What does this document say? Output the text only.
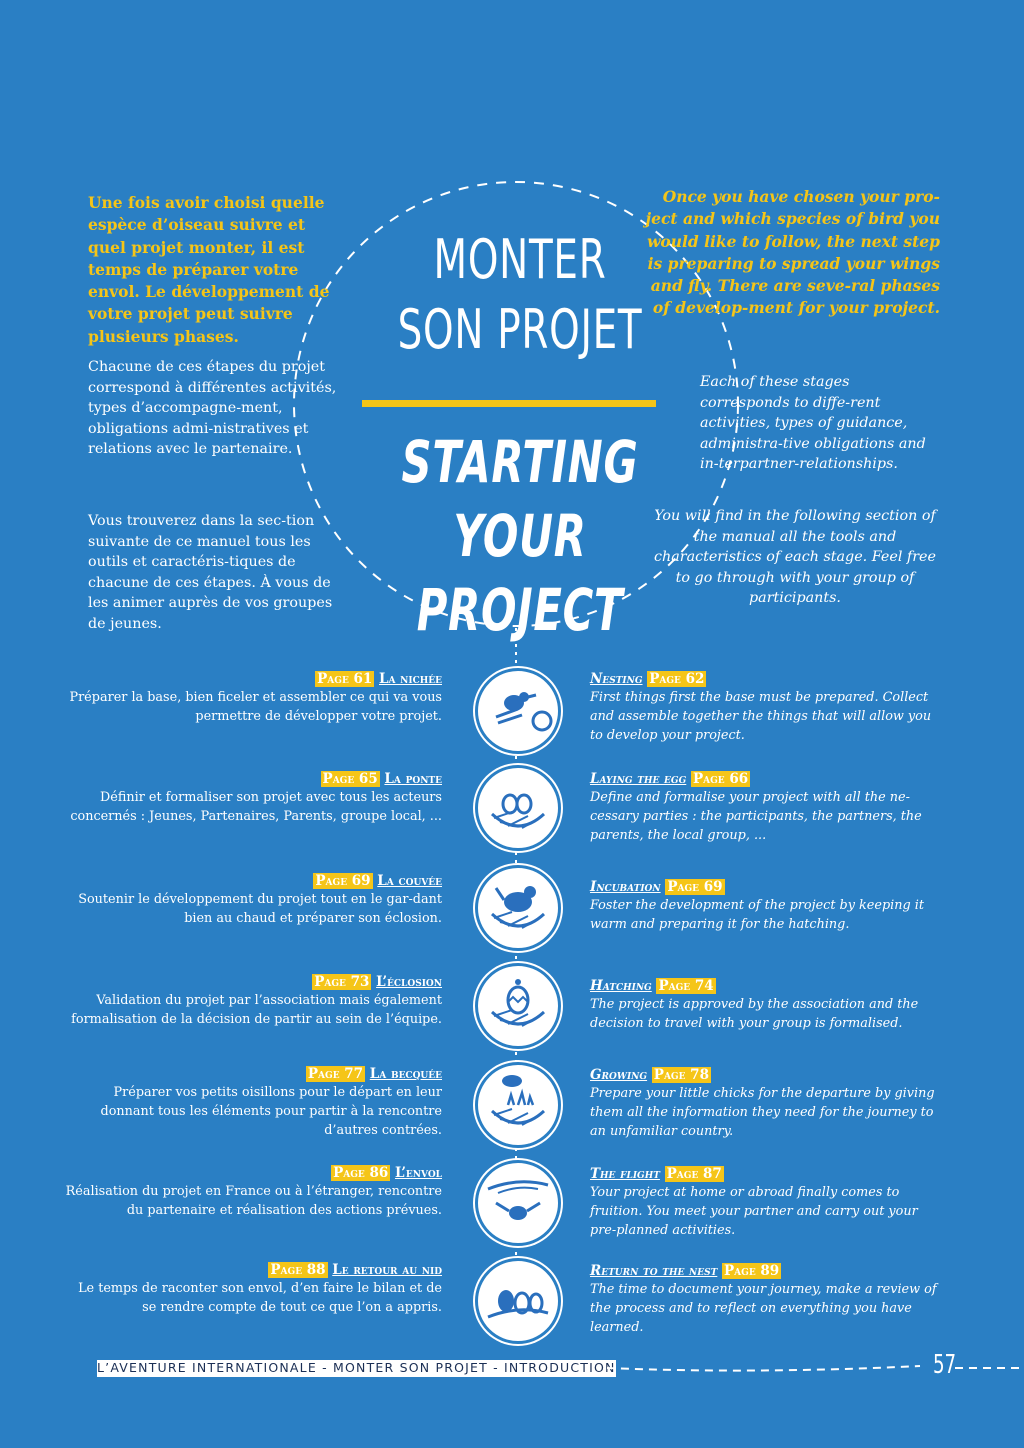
MONTER
SON PROJET
STARTING YOUR
PROJECT
Une fois avoir choisi quelle espèce d’oiseau suivre et quel projet monter, il est temps de préparer votre envol. Le développement de votre projet peut suivre plusieurs phases.
Chacune de ces étapes du projet correspond à différentes activités, types d’accompagne-ment, obligations admi-nistratives et relations avec le partenaire.
Vous trouverez dans la sec-tion suivante de ce manuel tous les outils et caractéris-tiques de chacune de ces étapes. À vous de les animer auprès de vos groupes de jeunes.
Once you have chosen your pro-ject and which species of bird you would like to follow, the next step is preparing to spread your wings and fly. There are seve-ral phases of develop-ment for your project.
Each of these stages corresponds to diffe-rent activities, types of guidance, administra-tive obligations and in-terpartner-relationships.
You will find in the following section of the manual all the tools and characteristics of each stage. Feel free to go through with your group of participants.
Page 61 La nichée
Préparer la base, bien ficeler et assembler ce qui va vous permettre de développer votre projet.
Nesting Page 62
First things first the base must be prepared. Collect and assemble together the things that will allow you to develop your project.
Page 65 La ponte
Définir et formaliser son projet avec tous les acteurs concernés : Jeunes, Partenaires, Parents, groupe local, ...
Laying the egg Page 66
Define and formalise your project with all the ne-cessary parties : the participants, the partners, the parents, the local group, ...
Page 69 La couvée
Soutenir le développement du projet tout en le gar-dant bien au chaud et préparer son éclosion.
Incubation Page 69
Foster the development of the project by keeping it warm and preparing it for the hatching.
Page 73 L’éclosion
Validation du projet par l’association mais également formalisation de la décision de partir au sein de l’équipe.
Hatching Page 74
The project is approved by the association and the decision to travel with your group is formalised.
Page 77 La becquée
Préparer vos petits oisillons pour le départ en leur donnant tous les éléments pour partir à la rencontre d’autres contrées.
Growing Page 78
Prepare your little chicks for the departure by giving them all the information they need for the journey to an unfamiliar country.
Page 86 L’envol
Réalisation du projet en France ou à l’étranger, rencontre du partenaire et réalisation des actions prévues.
The flight Page 87
Your project at home or abroad finally comes to fruition. You meet your partner and carry out your pre-planned activities.
Page 88 Le retour au nid
Le temps de raconter son envol, d’en faire le bilan et de se rendre compte de tout ce que l’on a appris.
Return to the nest Page 89
The time to document your journey, make a review of the process and to reflect on everything you have learned.
L’AVENTURE INTERNATIONALE - MONTER SON PROJET - INTRODUCTION	57
